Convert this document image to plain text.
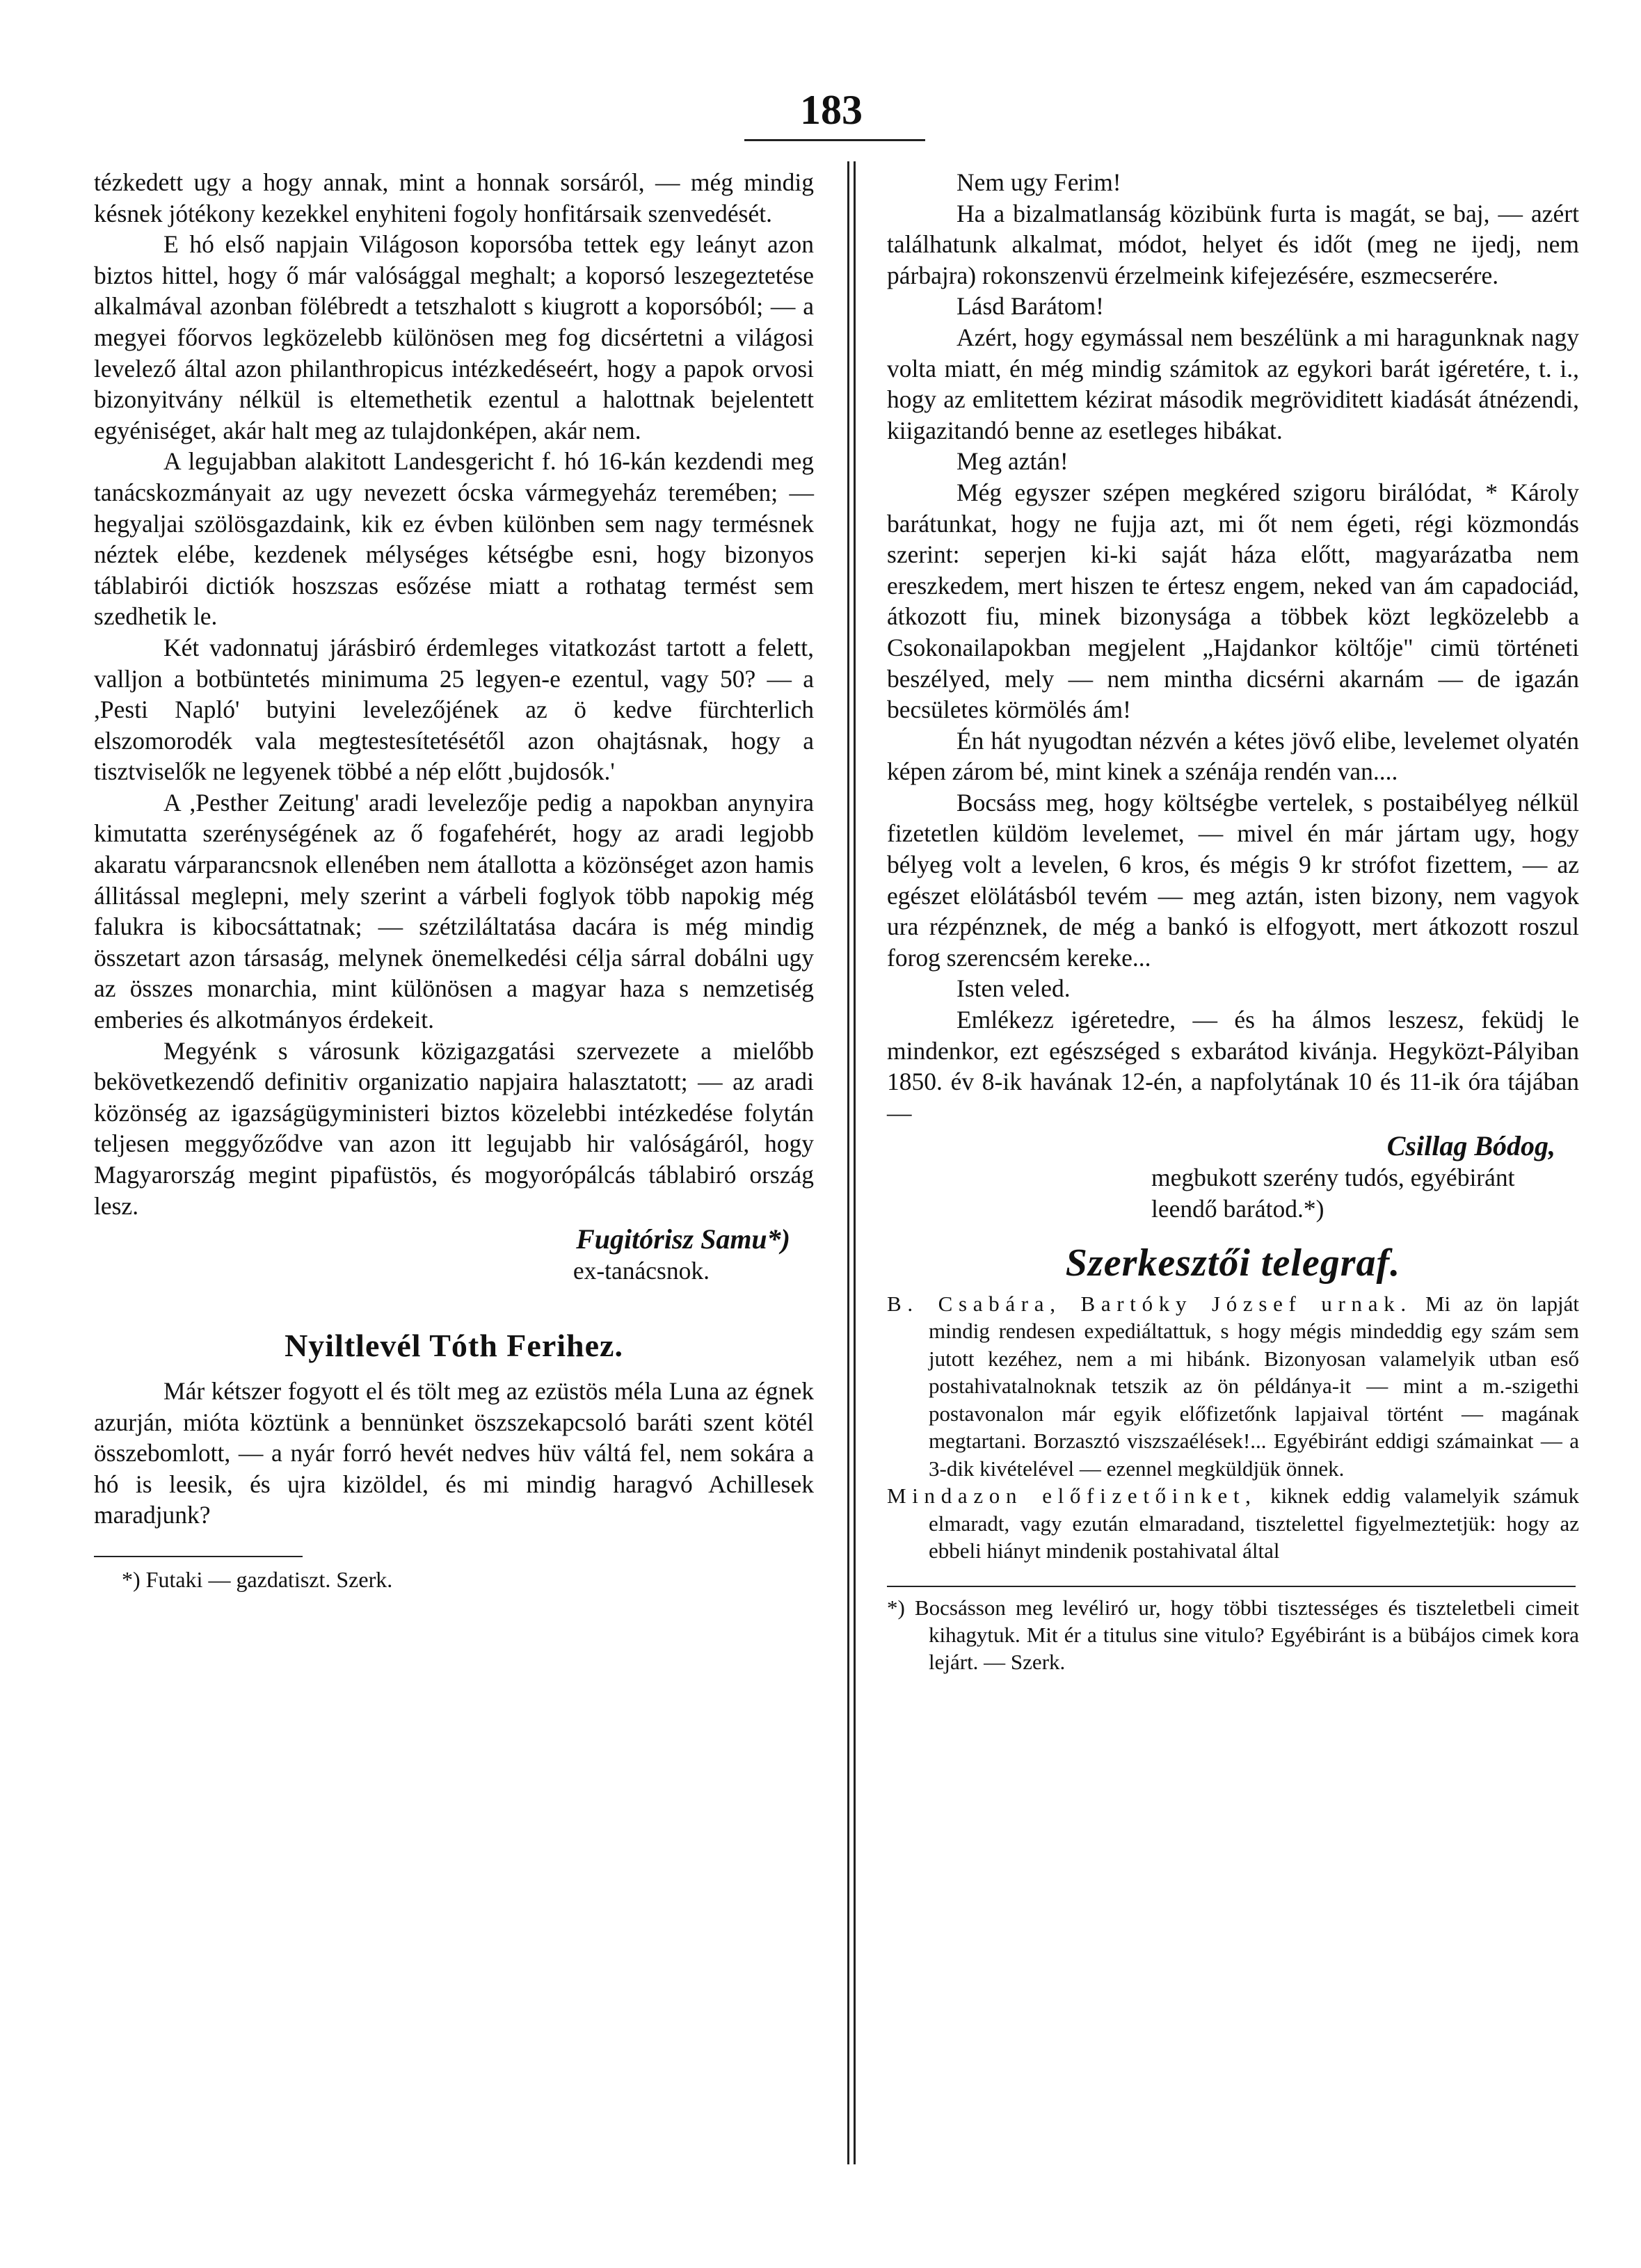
183

tézkedett ugy a hogy annak, mint a honnak sorsáról, — még mindig késnek jótékony kezekkel enyhiteni fogoly honfitársaik szenvedését.

E hó első napjain Világoson koporsóba tettek egy leányt azon biztos hittel, hogy ő már valósággal meghalt; a koporsó leszegeztetése alkalmával azonban fölébredt a tetszhalott s kiugrott a koporsóból; — a megyei főorvos legközelebb különösen meg fog dicsértetni a világosi levelező által azon philanthropicus intézkedéseért, hogy a papok orvosi bizonyitvány nélkül is eltemethetik ezentul a halottnak bejelentett egyéniséget, akár halt meg az tulajdonképen, akár nem.

A legujabban alakitott Landesgericht f. hó 16-kán kezdendi meg tanácskozmányait az ugy nevezett ócska vármegyeház teremében; — hegyaljai szölösgazdaink, kik ez évben különben sem nagy termésnek néztek elébe, kezdenek mélységes kétségbe esni, hogy bizonyos táblabirói dictiók hoszszas esőzése miatt a rothatag termést sem szedhetik le.

Két vadonnatuj járásbiró érdemleges vitatkozást tartott a felett, valljon a botbüntetés minimuma 25 legyen-e ezentul, vagy 50? — a ,Pesti Napló' butyini levelezőjének az ö kedve fürchterlich elszomorodék vala megtestesítetésétől azon ohajtásnak, hogy a tisztviselők ne legyenek többé a nép előtt ,bujdosók.'

A ,Pesther Zeitung' aradi levelezője pedig a napokban anynyira kimutatta szerénységének az ő fogafehérét, hogy az aradi legjobb akaratu várparancsnok ellenében nem átallotta a közönséget azon hamis állitással meglepni, mely szerint a várbeli foglyok több napokig még falukra is kibocsáttatnak; — szétziláltatása dacára is még mindig összetart azon társaság, melynek önemelkedési célja sárral dobálni ugy az összes monarchia, mint különösen a magyar haza s nemzetiség emberies és alkotmányos érdekeit.

Megyénk s városunk közigazgatási szervezete a mielőbb bekövetkezendő definitiv organizatio napjaira halasztatott; — az aradi közönség az igazságügyministeri biztos közelebbi intézkedése folytán teljesen meggyőződve van azon itt legujabb hir valóságáról, hogy Magyarország megint pipafüstös, és mogyorópálcás táblabiró ország lesz.

Fugitórisz Samu*)
ex-tanácsnok.
Nyiltlevél Tóth Ferihez.

Már kétszer fogyott el és tölt meg az ezüstös méla Luna az égnek azurján, mióta köztünk a bennünket öszszekapcsoló baráti szent kötél összebomlott, — a nyár forró hevét nedves hüv váltá fel, nem sokára a hó is leesik, és ujra kizöldel, és mi mindig haragvó Achillesek maradjunk?

*) Futaki — gazdatiszt. Szerk.

Nem ugy Ferim!

Ha a bizalmatlanság közibünk furta is magát, se baj, — azért találhatunk alkalmat, módot, helyet és időt (meg ne ijedj, nem párbajra) rokonszenvü érzelmeink kifejezésére, eszmecserére.

Lásd Barátom!

Azért, hogy egymással nem beszélünk a mi haragunknak nagy volta miatt, én még mindig számitok az egykori barát igéretére, t. i., hogy az emlitettem kézirat második megröviditett kiadását átnézendi, kiigazitandó benne az esetleges hibákat.

Meg aztán!

Még egyszer szépen megkéred szigoru birálódat, * Károly barátunkat, hogy ne fujja azt, mi őt nem égeti, régi közmondás szerint: seperjen ki-ki saját háza előtt, magyarázatba nem ereszkedem, mert hiszen te értesz engem, neked van ám capadociád, átkozott fiu, minek bizonysága a többek közt legközelebb a Csokonailapokban megjelent „Hajdankor költője" cimü történeti beszélyed, mely — nem mintha dicsérni akarnám — de igazán becsületes körmölés ám!

Én hát nyugodtan nézvén a kétes jövő elibe, levelemet olyatén képen zárom bé, mint kinek a szénája rendén van....

Bocsáss meg, hogy költségbe vertelek, s postaibélyeg nélkül fizetetlen küldöm levelemet, — mivel én már jártam ugy, hogy bélyeg volt a levelen, 6 kros, és mégis 9 kr strófot fizettem, — az egészet elölátásból tevém — meg aztán, isten bizony, nem vagyok ura rézpénznek, de még a bankó is elfogyott, mert átkozott roszul forog szerencsém kereke...

Isten veled.

Emlékezz igéretedre, — és ha álmos leszesz, feküdj le mindenkor, ezt egészséged s exbarátod kivánja. Hegyközt-Pályiban 1850. év 8-ik havának 12-én, a napfolytának 10 és 11-ik óra tájában —

Csillag Bódog,
megbukott szerény tudós, egyébiránt leendő barátod.*)
Szerkesztői telegraf.

B. Csabára, Bartóky József urnak. Mi az ön lapját mindig rendesen expediáltattuk, s hogy mégis mindeddig egy szám sem jutott kezéhez, nem a mi hibánk. Bizonyosan valamelyik utban eső postahivatalnoknak tetszik az ön példánya-it — mint a m.-szigethi postavonalon már egyik előfizetőnk lapjaival történt — magának megtartani. Borzasztó viszszaélések!... Egyébiránt eddigi számainkat — a 3-dik kivételével — ezennel megküldjük önnek.

Mindazon előfizetőinket, kiknek eddig valamelyik számuk elmaradt, vagy ezután elmaradand, tisztelettel figyelmeztetjük: hogy az ebbeli hiányt mindenik postahivatal által

*) Bocsásson meg levéliró ur, hogy többi tisztességes és tiszteletbeli cimeit kihagytuk. Mit ér a titulus sine vitulo? Egyébiránt is a bübájos cimek kora lejárt. — Szerk.
